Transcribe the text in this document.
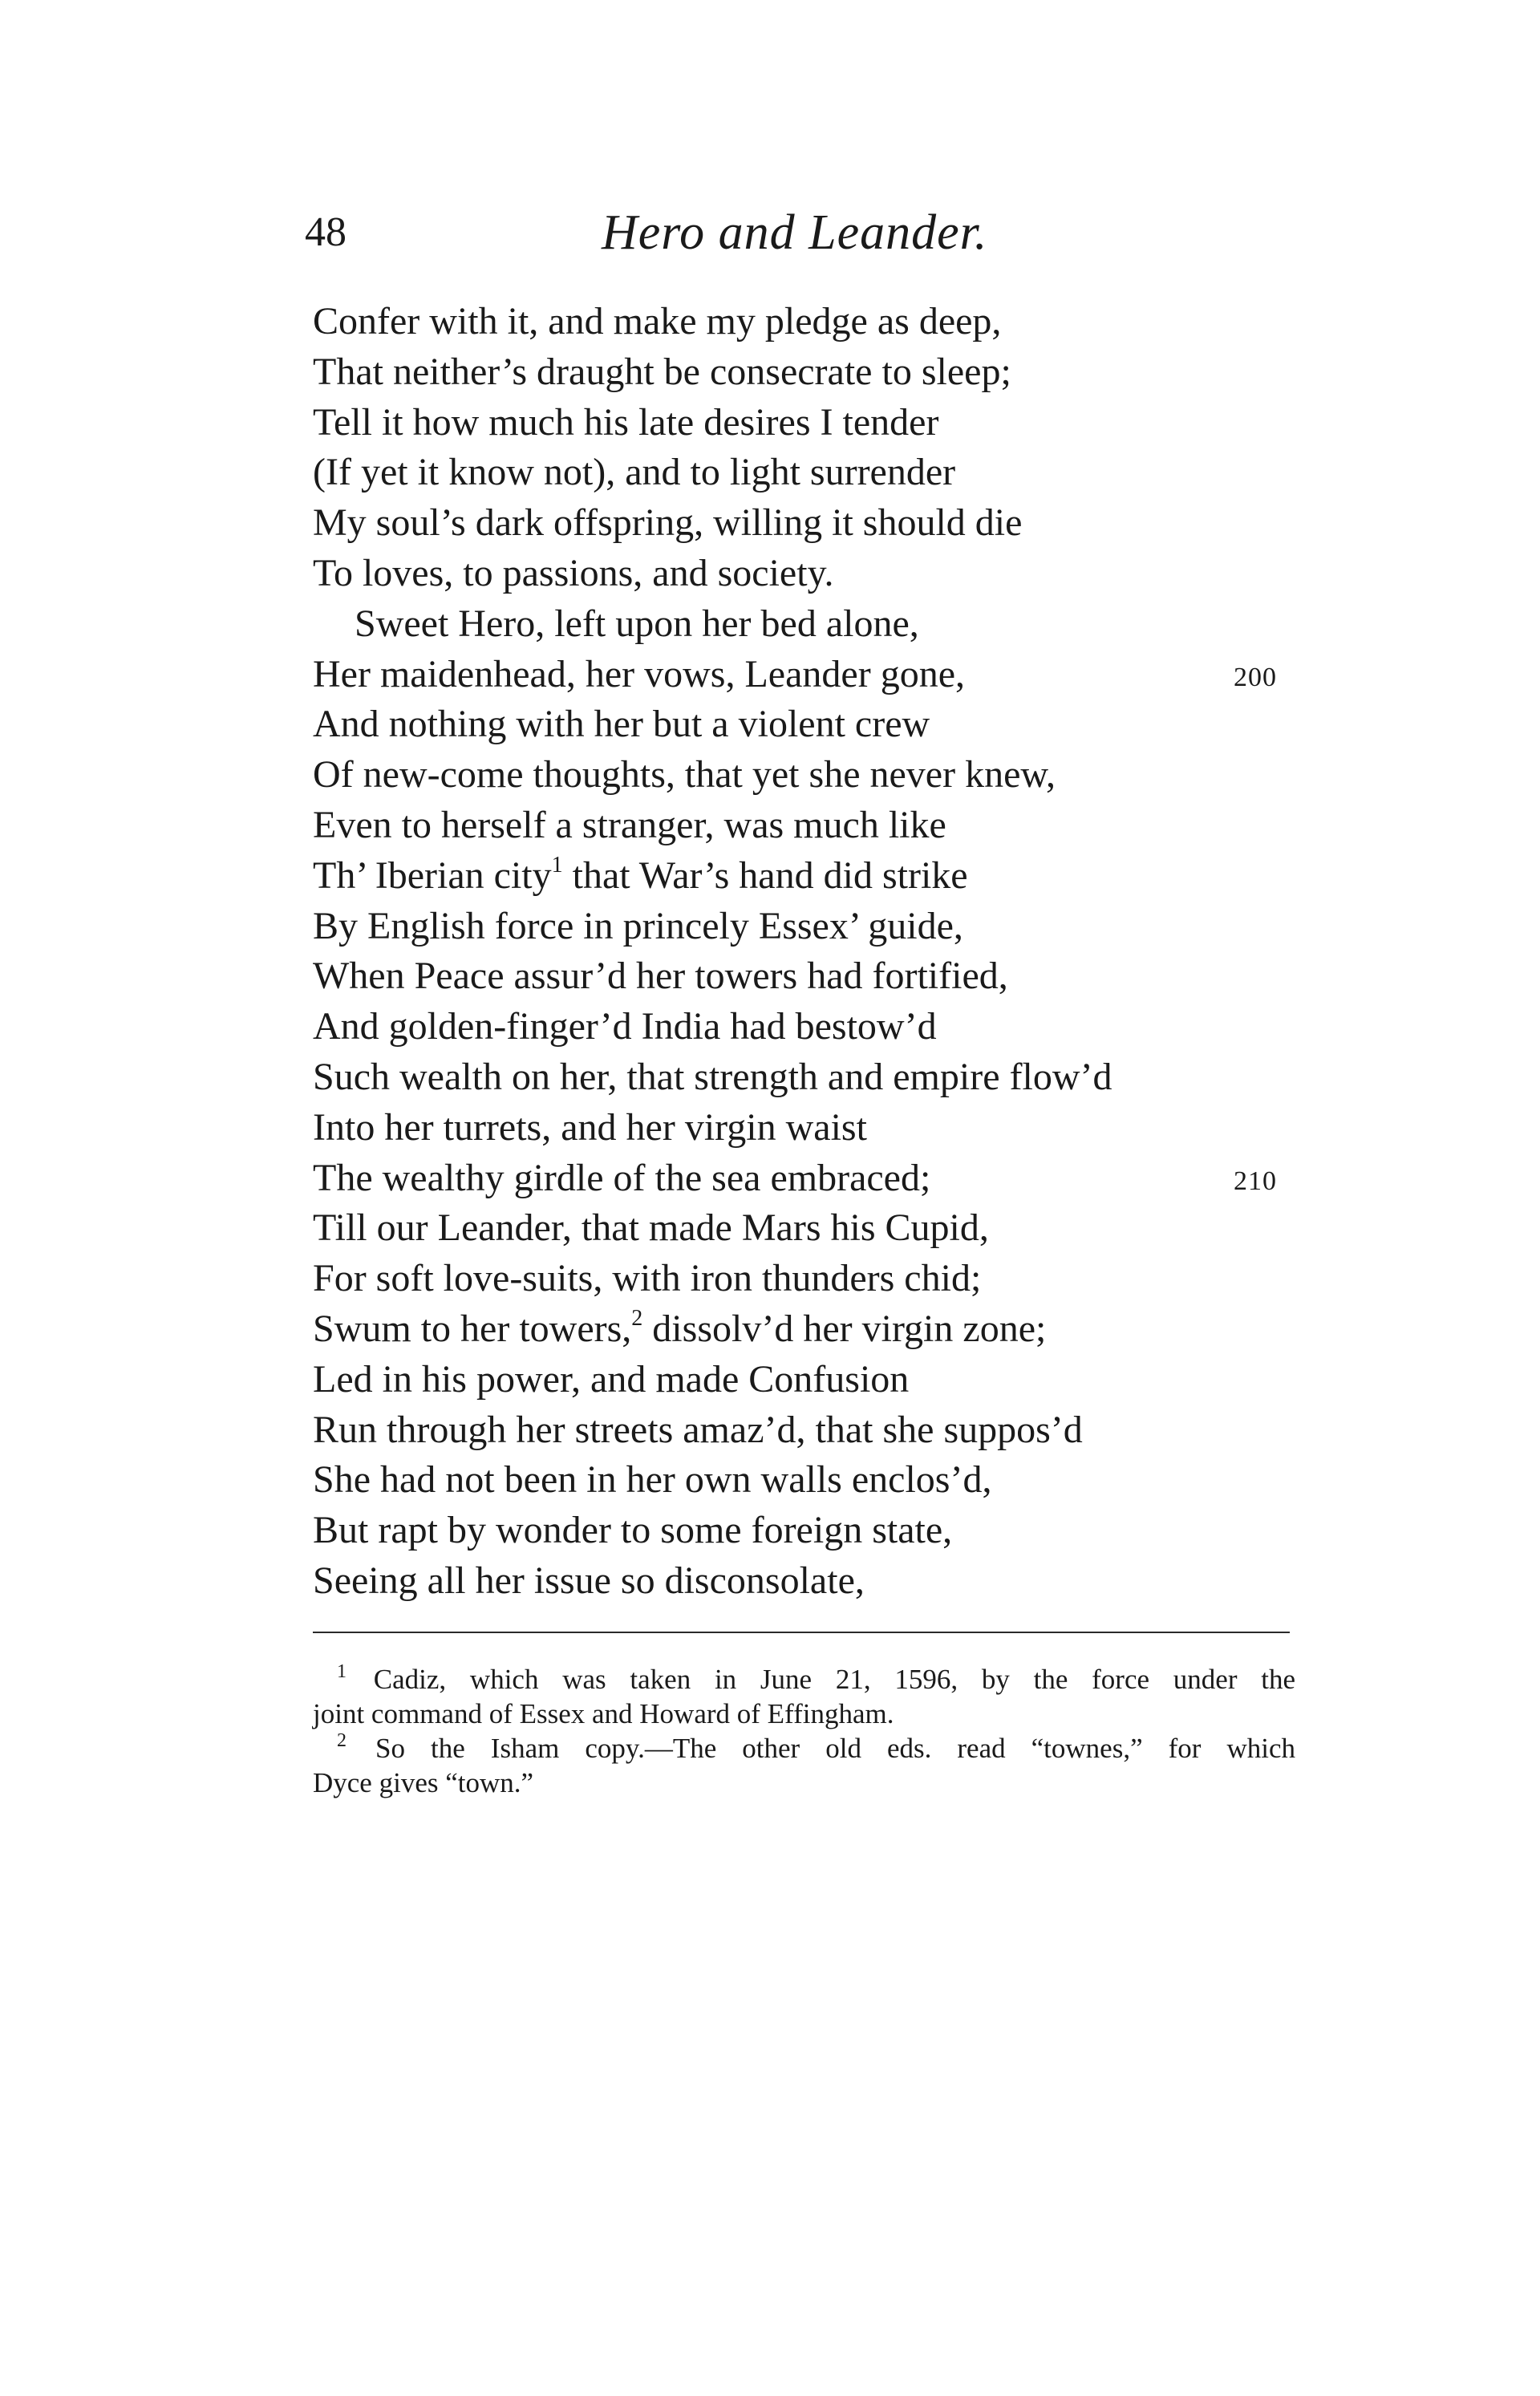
48	Hero and Leander.
Confer with it, and make my pledge as deep,
That neither’s draught be consecrate to sleep;
Tell it how much his late desires I tender
(If yet it know not), and to light surrender
My soul’s dark offspring, willing it should die
To loves, to passions, and society.
Sweet Hero, left upon her bed alone,
Her maidenhead, her vows, Leander gone,	200
And nothing with her but a violent crew
Of new-come thoughts, that yet she never knew,
Even to herself a stranger, was much like
Th’ Iberian city$^1$ that War’s hand did strike
By English force in princely Essex’ guide,
When Peace assur’d her towers had fortified,
And golden-finger’d India had bestow’d
Such wealth on her, that strength and empire flow’d
Into her turrets, and her virgin waist
The wealthy girdle of the sea embraced;	210
Till our Leander, that made Mars his Cupid,
For soft love-suits, with iron thunders chid;
Swum to her towers,$^2$ dissolv’d her virgin zone;
Led in his power, and made Confusion
Run through her streets amaz’d, that she suppos’d
She had not been in her own walls enclos’d,
But rapt by wonder to some foreign state,
Seeing all her issue so disconsolate,
$^1$ Cadiz, which was taken in June 21, 1596, by the force under the
joint command of Essex and Howard of Effingham.
$^2$ So the Isham copy.—The other old eds. read “townes,” for which
Dyce gives “town.”
